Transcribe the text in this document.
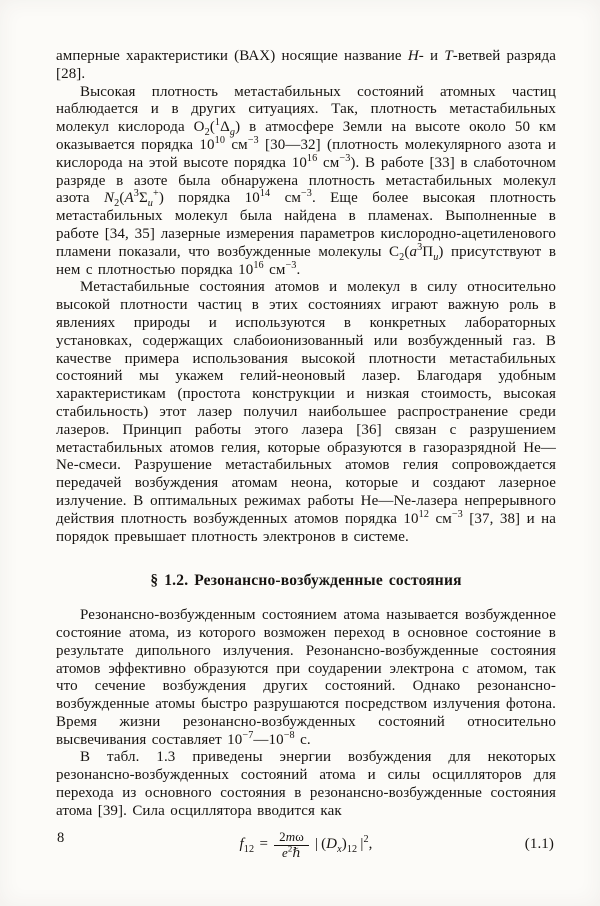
амперные характеристики (ВАХ) носящие название H- и T-ветвей разряда [28].

Высокая плотность метастабильных состояний атомных частиц наблюдается и в других ситуациях. Так, плотность метастабильных молекул кислорода $O_2(^1\Delta_g)$ в атмосфере Земли на высоте около 50 км оказывается порядка $10^{10}$ $см^{-3}$ [30—32] (плотность молекулярного азота и кислорода на этой высоте порядка $10^{16}$ $см^{-3}$). В работе [33] в слаботочном разряде в азоте была обнаружена плотность метастабильных молекул азота $N_2(A^3\Sigma_u^+)$ порядка $10^{14}$ $см^{-3}$. Еще более высокая плотность метастабильных молекул была найдена в пламенах. Выполненные в работе [34, 35] лазерные измерения параметров кислородно-ацетиленового пламени показали, что возбужденные молекулы $C_2(a^3\Pi_u)$ присутствуют в нем с плотностью порядка $10^{16}$ $см^{-3}$.

Метастабильные состояния атомов и молекул в силу относительно высокой плотности частиц в этих состояниях играют важную роль в явлениях природы и используются в конкретных лабораторных установках, содержащих слабоионизованный или возбужденный газ. В качестве примера использования высокой плотности метастабильных состояний мы укажем гелий-неоновый лазер. Благодаря удобным характеристикам (простота конструкции и низкая стоимость, высокая стабильность) этот лазер получил наибольшее распространение среди лазеров. Принцип работы этого лазера [36] связан с разрушением метастабильных атомов гелия, которые образуются в газоразрядной He—Ne-смеси. Разрушение метастабильных атомов гелия сопровождается передачей возбуждения атомам неона, которые и создают лазерное излучение. В оптимальных режимах работы He—Ne-лазера непрерывного действия плотность возбужденных атомов порядка $10^{12}$ $см^{-3}$ [37, 38] и на порядок превышает плотность электронов в системе.

§ 1.2. Резонансно-возбужденные состояния

Резонансно-возбужденным состоянием атома называется возбужденное состояние атома, из которого возможен переход в основное состояние в результате дипольного излучения. Резонансно-возбужденные состояния атомов эффективно образуются при соударении электрона с атомом, так что сечение возбуждения других состояний. Однако резонансно-возбужденные атомы быстро разрушаются посредством излучения фотона. Время жизни резонансно-возбужденных состояний относительно высвечивания составляет $10^{-7}—10^{-8}$ с.

В табл. 1.3 приведены энергии возбуждения для некоторых резонансно-возбужденных состояний атома и силы осцилляторов для перехода из основного состояния в резонансно-возбужденные состояния атома [39]. Сила осциллятора вводится как

$f_{12} = \frac{2m\omega}{e^2\hbar}$ | $(D_x)_{12}$ $|^2$,	(1.1)
8
